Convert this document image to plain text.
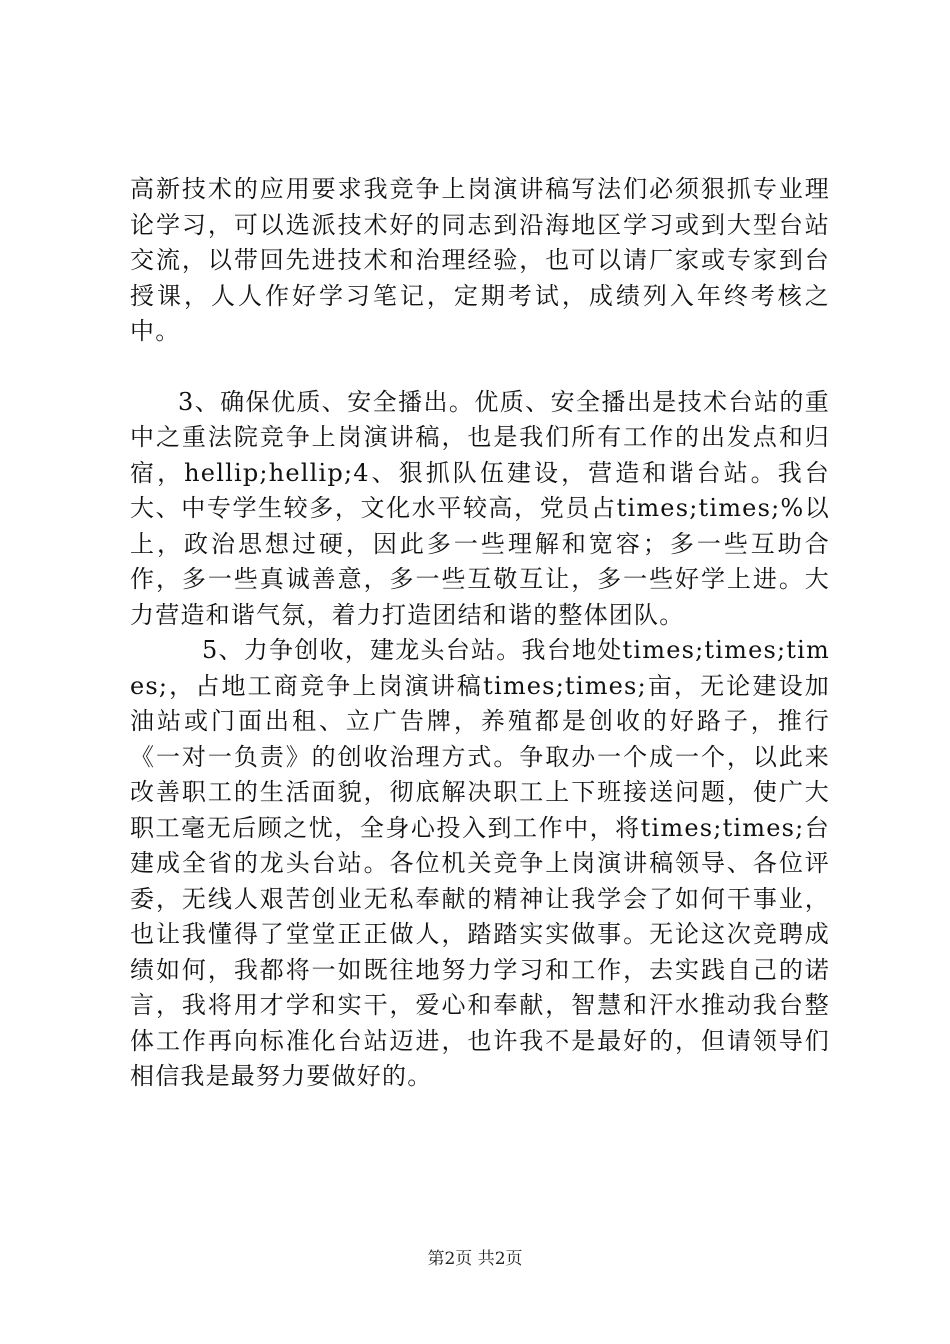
高新技术的应用要求我竞争上岗演讲稿写法们必须狠抓专业理论学习，可以选派技术好的同志到沿海地区学习或到大型台站交流，以带回先进技术和治理经验，也可以请厂家或专家到台授课，人人作好学习笔记，定期考试，成绩列入年终考核之中。

3、确保优质、安全播出。优质、安全播出是技术台站的重中之重法院竞争上岗演讲稿，也是我们所有工作的出发点和归宿，hellip;hellip;4、狠抓队伍建设，营造和谐台站。我台大、中专学生较多，文化水平较高，党员占times;times;%以上，政治思想过硬，因此多一些理解和宽容；多一些互助合作，多一些真诚善意，多一些互敬互让，多一些好学上进。大力营造和谐气氛，着力打造团结和谐的整体团队。

5、力争创收，建龙头台站。我台地处times;times;times;，占地工商竞争上岗演讲稿times;times;亩，无论建设加油站或门面出租、立广告牌，养殖都是创收的好路子，推行《一对一负责》的创收治理方式。争取办一个成一个，以此来改善职工的生活面貌，彻底解决职工上下班接送问题，使广大职工毫无后顾之忧，全身心投入到工作中，将times;times;台建成全省的龙头台站。各位机关竞争上岗演讲稿领导、各位评委，无线人艰苦创业无私奉献的精神让我学会了如何干事业，也让我懂得了堂堂正正做人，踏踏实实做事。无论这次竞聘成绩如何，我都将一如既往地努力学习和工作，去实践自己的诺言，我将用才学和实干，爱心和奉献，智慧和汗水推动我台整体工作再向标准化台站迈进，也许我不是最好的，但请领导们相信我是最努力要做好的。

第2页 共2页
